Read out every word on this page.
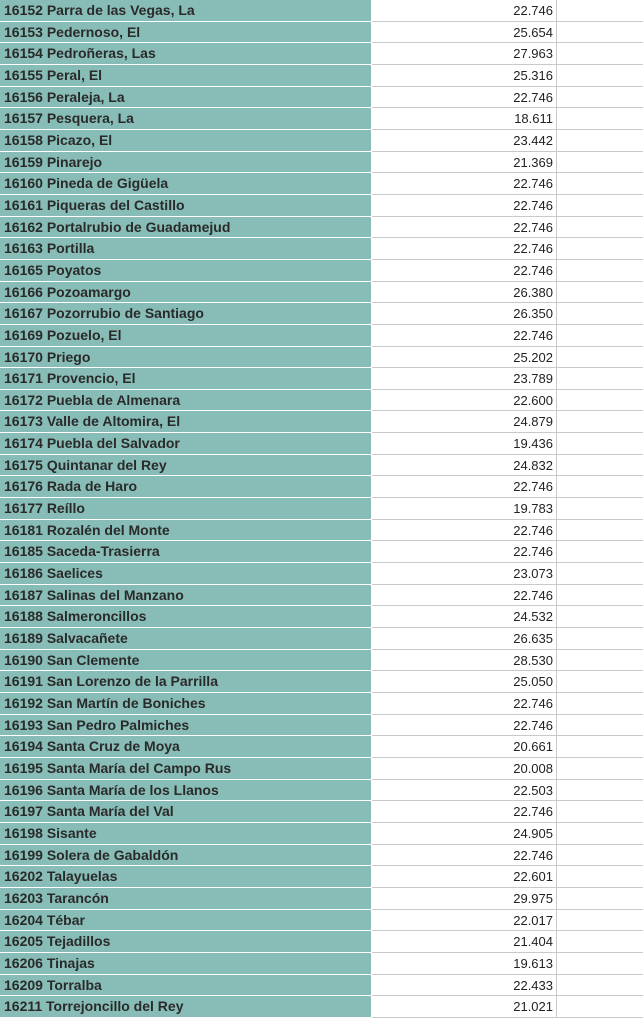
16152 Parra de las Vegas, La	22.746
16153 Pedernoso, El	25.654
16154 Pedroñeras, Las	27.963
16155 Peral, El	25.316
16156 Peraleja, La	22.746
16157 Pesquera, La	18.611
16158 Picazo, El	23.442
16159 Pinarejo	21.369
16160 Pineda de Gigüela	22.746
16161 Piqueras del Castillo	22.746
16162 Portalrubio de Guadamejud	22.746
16163 Portilla	22.746
16165 Poyatos	22.746
16166 Pozoamargo	26.380
16167 Pozorrubio de Santiago	26.350
16169 Pozuelo, El	22.746
16170 Priego	25.202
16171 Provencio, El	23.789
16172 Puebla de Almenara	22.600
16173 Valle de Altomira, El	24.879
16174 Puebla del Salvador	19.436
16175 Quintanar del Rey	24.832
16176 Rada de Haro	22.746
16177 Reíllo	19.783
16181 Rozalén del Monte	22.746
16185 Saceda-Trasierra	22.746
16186 Saelices	23.073
16187 Salinas del Manzano	22.746
16188 Salmeroncillos	24.532
16189 Salvacañete	26.635
16190 San Clemente	28.530
16191 San Lorenzo de la Parrilla	25.050
16192 San Martín de Boniches	22.746
16193 San Pedro Palmiches	22.746
16194 Santa Cruz de Moya	20.661
16195 Santa María del Campo Rus	20.008
16196 Santa María de los Llanos	22.503
16197 Santa María del Val	22.746
16198 Sisante	24.905
16199 Solera de Gabaldón	22.746
16202 Talayuelas	22.601
16203 Tarancón	29.975
16204 Tébar	22.017
16205 Tejadillos	21.404
16206 Tinajas	19.613
16209 Torralba	22.433
16211 Torrejoncillo del Rey	21.021
